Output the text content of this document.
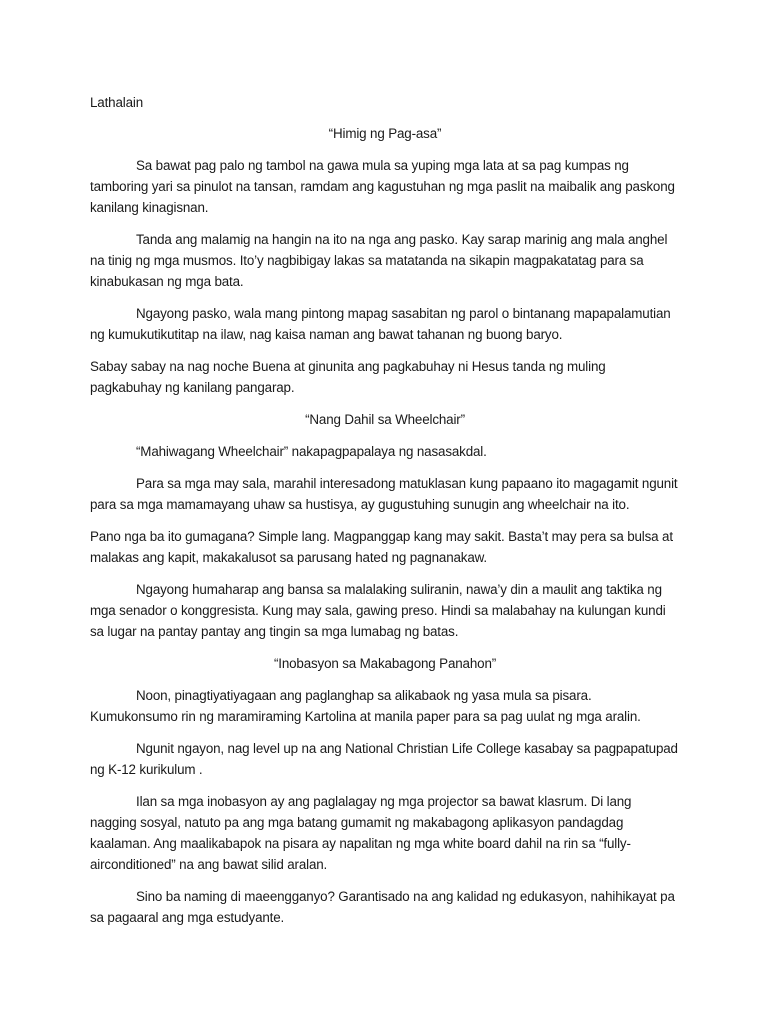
Lathalain

“Himig ng Pag-asa”

Sa bawat pag palo ng tambol na gawa mula sa yuping mga lata at sa pag kumpas ng tamboring yari sa pinulot na tansan, ramdam ang kagustuhan ng mga paslit na maibalik ang paskong kanilang kinagisnan.

Tanda ang malamig na hangin na ito na nga ang pasko. Kay sarap marinig ang mala anghel na tinig ng mga musmos. Ito’y nagbibigay lakas sa matatanda na sikapin magpakatatag para sa kinabukasan ng mga bata.

Ngayong pasko, wala mang pintong mapag sasabitan ng parol o bintanang mapapalamutian ng kumukutikutitap na ilaw, nag kaisa naman ang bawat tahanan ng buong baryo.

Sabay sabay na nag noche Buena at ginunita ang pagkabuhay ni Hesus tanda ng muling pagkabuhay ng kanilang pangarap.

“Nang Dahil sa Wheelchair”

“Mahiwagang Wheelchair” nakapagpapalaya ng nasasakdal.

Para sa mga may sala, marahil interesadong matuklasan kung papaano ito magagamit ngunit para sa mga mamamayang uhaw sa hustisya, ay gugustuhing sunugin ang wheelchair na ito.

Pano nga ba ito gumagana? Simple lang. Magpanggap kang may sakit. Basta’t may pera sa bulsa at malakas ang kapit, makakalusot sa parusang hated ng pagnanakaw.

Ngayong humaharap ang bansa sa malalaking suliranin, nawa’y din a maulit ang taktika ng mga senador o konggresista. Kung may sala, gawing preso. Hindi sa malabahay na kulungan kundi sa lugar na pantay pantay ang tingin sa mga lumabag ng batas.

“Inobasyon sa Makabagong Panahon”

Noon, pinagtiyatiyagaan ang paglanghap sa alikabaok ng yasa mula sa pisara. Kumukonsumo rin ng maramiraming Kartolina at manila paper para sa pag uulat ng mga aralin.

Ngunit ngayon, nag level up na ang National Christian Life College kasabay sa pagpapatupad ng K-12 kurikulum .

Ilan sa mga inobasyon ay ang paglalagay ng mga projector sa bawat klasrum. Di lang nagging sosyal, natuto pa ang mga batang gumamit ng makabagong aplikasyon pandagdag kaalaman. Ang maalikabapok na pisara ay napalitan ng mga white board dahil na rin sa “fully- airconditioned” na ang bawat silid aralan.

Sino ba naming di maeengganyo? Garantisado na ang kalidad ng edukasyon, nahihikayat pa sa pagaaral ang mga estudyante.
